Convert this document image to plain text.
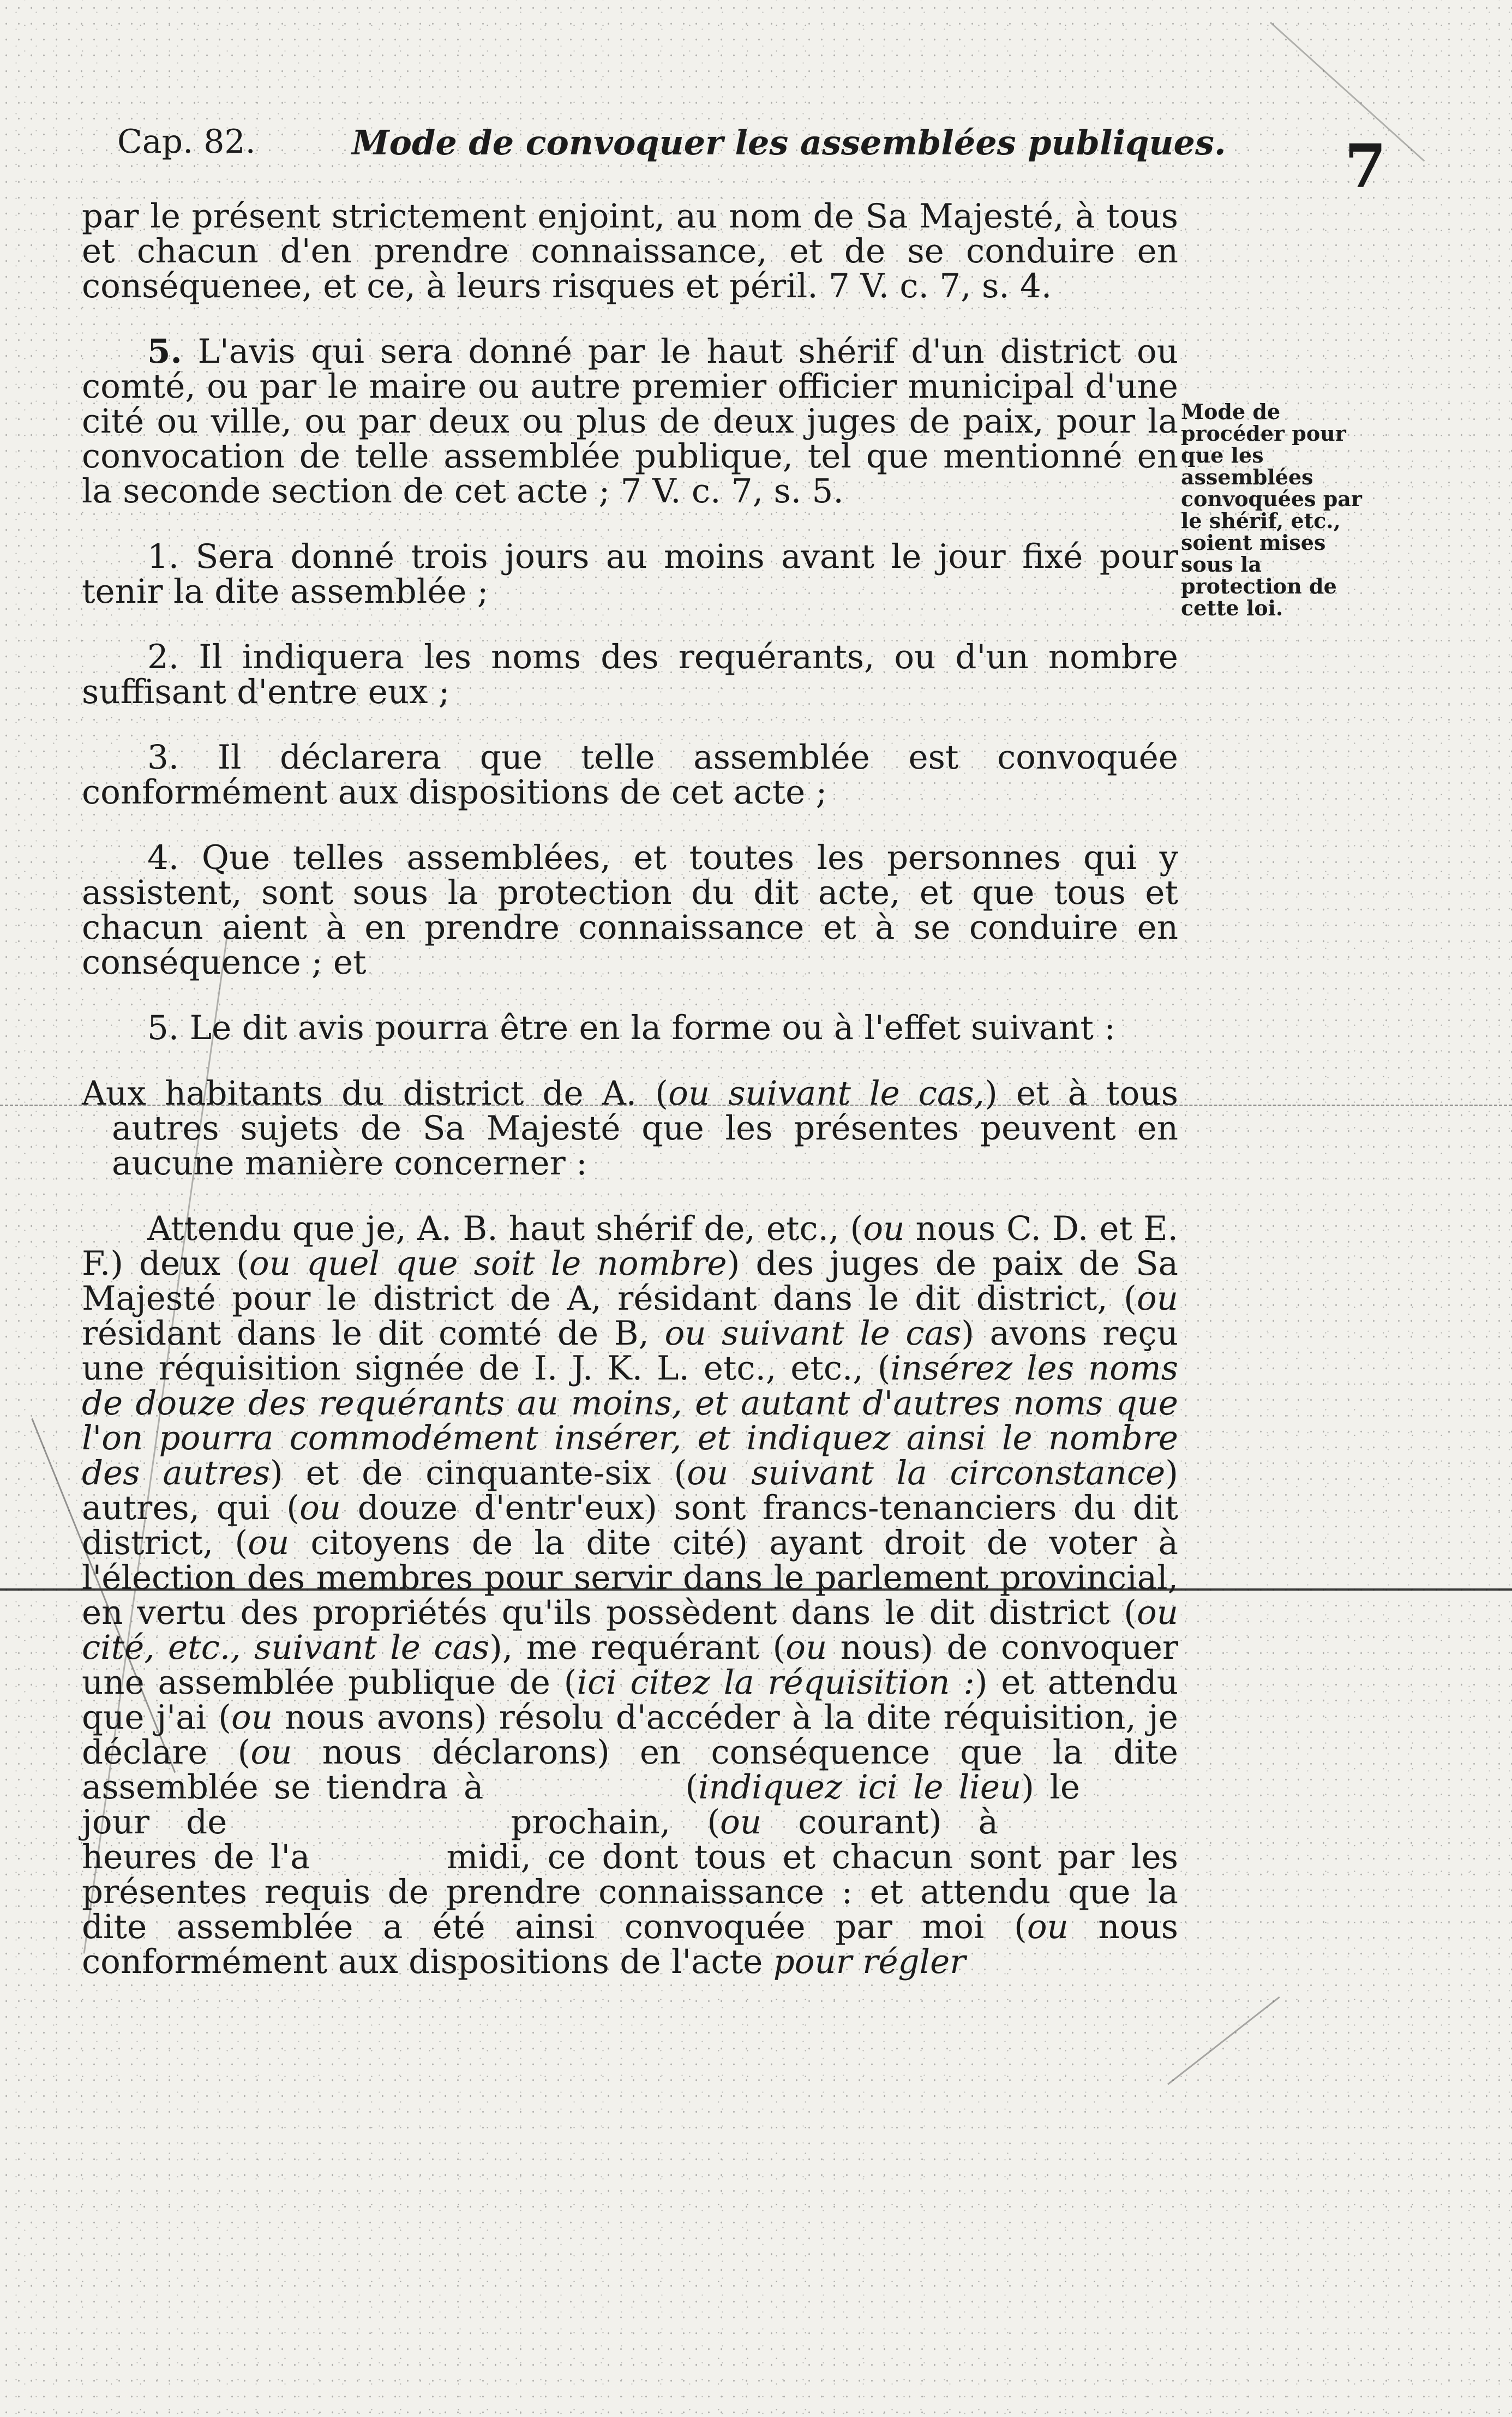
Cap. 82.	Mode de convoquer les assemblées publiques. 7
Mode de procéder pour que les assemblées convoquées par le shérif, etc., soient mises sous la protection de cette loi.

par le présent strictement enjoint, au nom de Sa Majesté, à tous et chacun d'en prendre connaissance, et de se conduire en conséquenee, et ce, à leurs risques et péril. 7 V. c. 7, s. 4.

5. L'avis qui sera donné par le haut shérif d'un district ou comté, ou par le maire ou autre premier officier municipal d'une cité ou ville, ou par deux ou plus de deux juges de paix, pour la convocation de telle assemblée publique, tel que mentionné en la seconde section de cet acte ; 7 V. c. 7, s. 5.

1. Sera donné trois jours au moins avant le jour fixé pour tenir la dite assemblée ;

2. Il indiquera les noms des requérants, ou d'un nombre suffisant d'entre eux ;

3. Il déclarera que telle assemblée est convoquée conformément aux dispositions de cet acte ;

4. Que telles assemblées, et toutes les personnes qui y assistent, sont sous la protection du dit acte, et que tous et chacun aient à en prendre connaissance et à se conduire en conséquence ; et

5. Le dit avis pourra être en la forme ou à l'effet suivant :

Aux habitants du district de A. (ou suivant le cas,) et à tous autres sujets de Sa Majesté que les présentes peuvent en aucune manière concerner :

Attendu que je, A. B. haut shérif de, etc., (ou nous C. D. et E. F.) deux (ou quel que soit le nombre) des juges de paix de Sa Majesté pour le district de A, résidant dans le dit district, (ou résidant dans le dit comté de B, ou suivant le cas) avons reçu une réquisition signée de I. J. K. L. etc., etc., (insérez les noms de douze des requérants au moins, et autant d'autres noms que l'on pourra commodément insérer, et indiquez ainsi le nombre des autres) et de cinquante-six (ou suivant la circonstance) autres, qui (ou douze d'entr'eux) sont francs-tenanciers du dit district, (ou citoyens de la dite cité) ayant droit de voter à l'élection des membres pour servir dans le parlement provincial, en vertu des propriétés qu'ils possèdent dans le dit district (ou cité, etc., suivant le cas), me requérant (ou nous) de convoquer une assemblée publique de (ici citez la réquisition :) et attendu que j'ai (ou nous avons) résolu d'accéder à la dite réquisition, je déclare (ou nous déclarons) en conséquence que la dite assemblée se tiendra à	(indiquez ici le lieu) lejour de	prochain, (ou courant) àheures de l'a	midi, ce dont tous et chacun sont par les présentes requis de prendre connaissance : et attendu que la dite assemblée a été ainsi convoquée par moi (ou nous conformément aux dispositions de l'acte pour régler
